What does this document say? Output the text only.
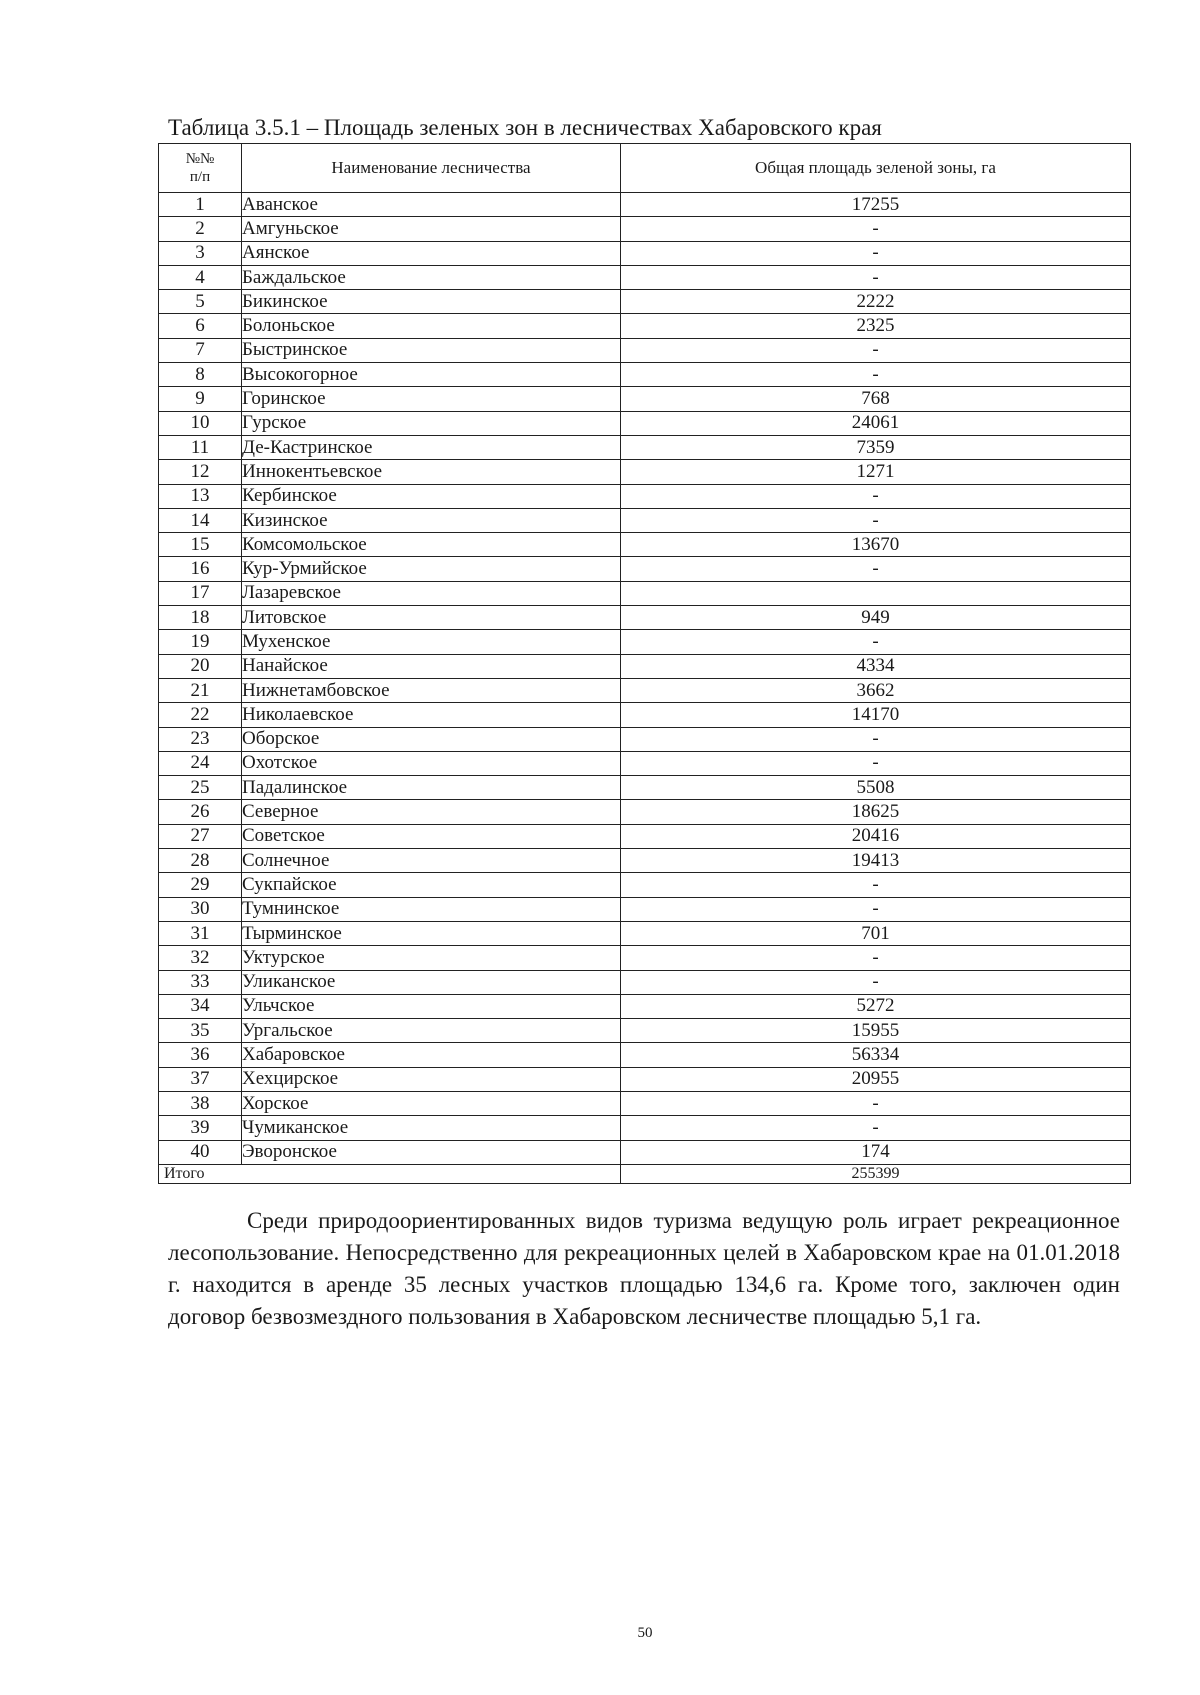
Таблица 3.5.1 – Площадь зеленых зон в лесничествах Хабаровского края
№№
п/п	Наименование лесничества	Общая площадь зеленой зоны, га
1	Аванское	17255
2	Амгуньское	-
3	Аянское	-
4	Баждальское	-
5	Бикинское	2222
6	Болоньское	2325
7	Быстринское	-
8	Высокогорное	-
9	Горинское	768
10	Гурское	24061
11	Де-Кастринское	7359
12	Иннокентьевское	1271
13	Кербинское	-
14	Кизинское	-
15	Комсомольское	13670
16	Кур-Урмийское	-
17	Лазаревское	
18	Литовское	949
19	Мухенское	-
20	Нанайское	4334
21	Нижнетамбовское	3662
22	Николаевское	14170
23	Оборское	-
24	Охотское	-
25	Падалинское	5508
26	Северное	18625
27	Советское	20416
28	Солнечное	19413
29	Сукпайское	-
30	Тумнинское	-
31	Тырминское	701
32	Уктурское	-
33	Уликанское	-
34	Ульчское	5272
35	Ургальское	15955
36	Хабаровское	56334
37	Хехцирское	20955
38	Хорское	-
39	Чумиканское	-
40	Эворонское	174
Итого		255399

Среди природоориентированных видов туризма ведущую роль играет рекреационное лесопользование. Непосредственно для рекреационных целей в Хабаровском крае на 01.01.2018 г. находится в аренде 35 лесных участков площадью 134,6 га. Кроме того, заключен один договор безвозмездного пользования в Хабаровском лесничестве площадью 5,1 га.

50
